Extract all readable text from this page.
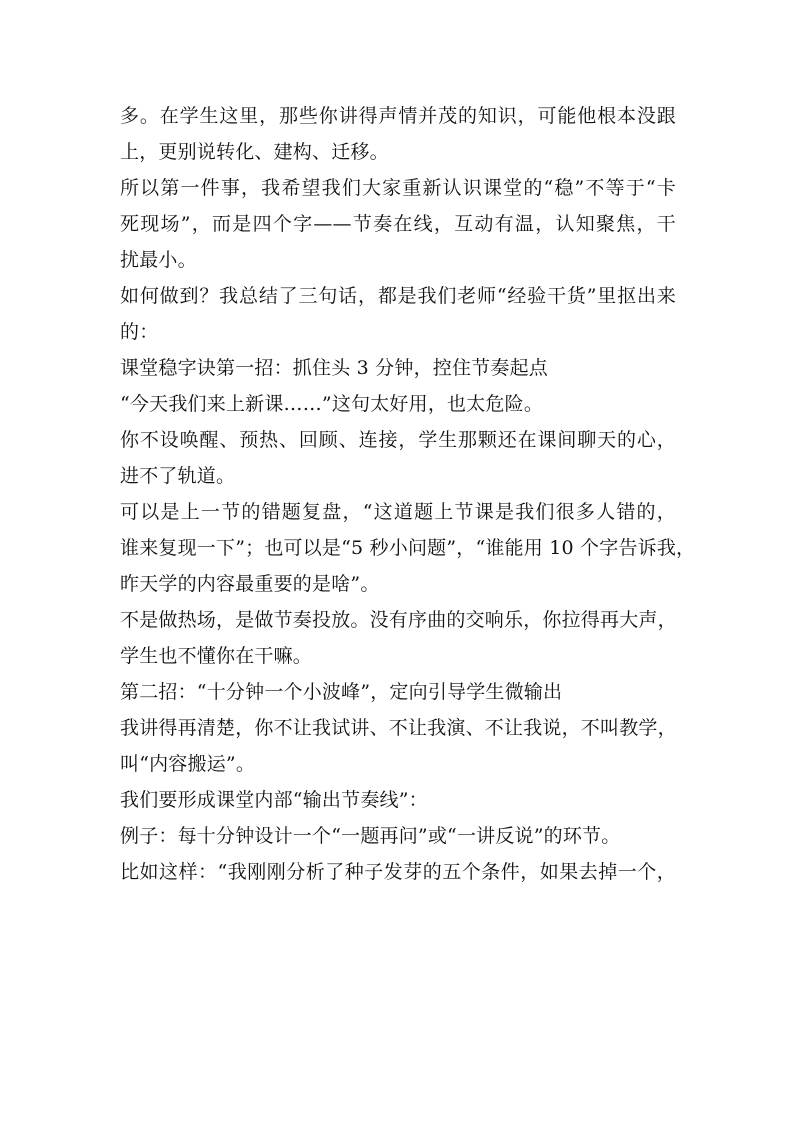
多。在学生这里，那些你讲得声情并茂的知识，可能他根本没跟
上，更别说转化、建构、迁移。
所以第一件事，我希望我们大家重新认识课堂的“稳”不等于“卡
死现场”，而是四个字——节奏在线，互动有温，认知聚焦，干
扰最小。
如何做到？我总结了三句话，都是我们老师“经验干货”里抠出来
的：
课堂稳字诀第一招：抓住头 3 分钟，控住节奏起点
“今天我们来上新课……”这句太好用，也太危险。
你不设唤醒、预热、回顾、连接，学生那颗还在课间聊天的心，
进不了轨道。
可以是上一节的错题复盘，“这道题上节课是我们很多人错的，
谁来复现一下”；也可以是“5 秒小问题”，“谁能用 10 个字告诉我，
昨天学的内容最重要的是啥”。
不是做热场，是做节奏投放。没有序曲的交响乐，你拉得再大声，
学生也不懂你在干嘛。
第二招：“十分钟一个小波峰”，定向引导学生微输出
我讲得再清楚，你不让我试讲、不让我演、不让我说，不叫教学，
叫“内容搬运”。
我们要形成课堂内部“输出节奏线”：
例子：每十分钟设计一个“一题再问”或“一讲反说”的环节。
比如这样：“我刚刚分析了种子发芽的五个条件，如果去掉一个，
